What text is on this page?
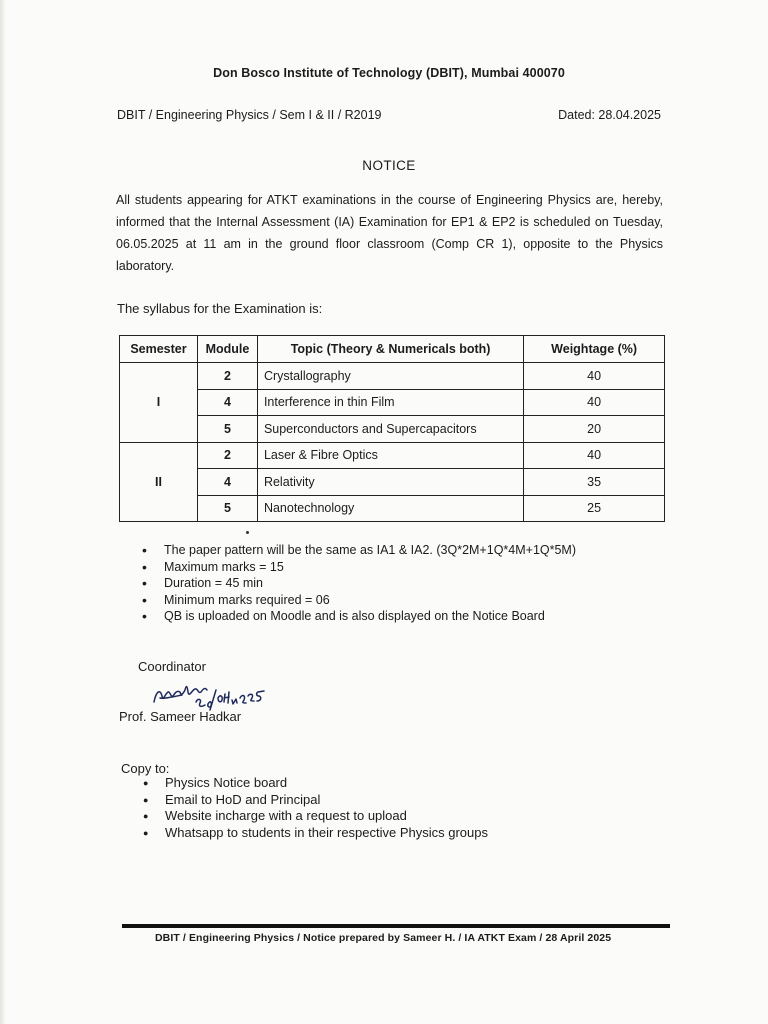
Don Bosco Institute of Technology (DBIT), Mumbai 400070
DBIT / Engineering Physics / Sem I & II / R2019	Dated: 28.04.2025
NOTICE
All students appearing for ATKT examinations in the course of Engineering Physics are, hereby, informed that the Internal Assessment (IA) Examination for EP1 & EP2 is scheduled on Tuesday, 06.05.2025 at 11 am in the ground floor classroom (Comp CR 1), opposite to the Physics laboratory.
The syllabus for the Examination is:
Semester	Module	Topic (Theory & Numericals both)	Weightage (%)
I	2	Crystallography	40
	4	Interference in thin Film	40
	5	Superconductors and Supercapacitors	20
II	2	Laser & Fibre Optics	40
	4	Relativity	35
	5	Nanotechnology	25
• The paper pattern will be the same as IA1 & IA2. (3Q*2M+1Q*4M+1Q*5M)
• Maximum marks = 15
• Duration = 45 min
• Minimum marks required = 06
• QB is uploaded on Moodle and is also displayed on the Notice Board
Coordinator
Prof. Sameer Hadkar
Copy to:
● Physics Notice board
● Email to HoD and Principal
● Website incharge with a request to upload
● Whatsapp to students in their respective Physics groups
DBIT / Engineering Physics / Notice prepared by Sameer H. / IA ATKT Exam / 28 April 2025
